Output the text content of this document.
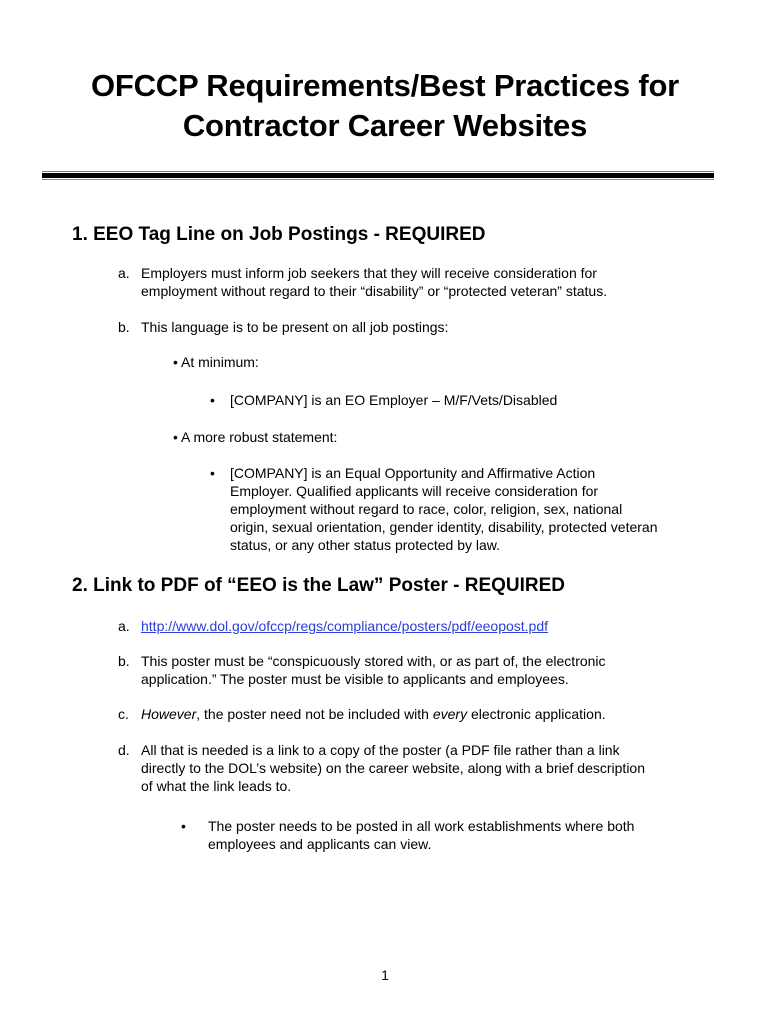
OFCCP Requirements/Best Practices for
Contractor Career Websites
1. EEO Tag Line on Job Postings - REQUIRED
a. Employers must inform job seekers that they will receive consideration for
employment without regard to their “disability” or “protected veteran” status.
b. This language is to be present on all job postings:
• At minimum:
• [COMPANY] is an EO Employer – M/F/Vets/Disabled
• A more robust statement:
• [COMPANY] is an Equal Opportunity and Affirmative Action
Employer. Qualified applicants will receive consideration for
employment without regard to race, color, religion, sex, national
origin, sexual orientation, gender identity, disability, protected veteran
status, or any other status protected by law.
2. Link to PDF of “EEO is the Law” Poster - REQUIRED
a. http://www.dol.gov/ofccp/regs/compliance/posters/pdf/eeopost.pdf
b. This poster must be “conspicuously stored with, or as part of, the electronic
application.” The poster must be visible to applicants and employees.
c. However, the poster need not be included with every electronic application.
d. All that is needed is a link to a copy of the poster (a PDF file rather than a link
directly to the DOL’s website) on the career website, along with a brief description
of what the link leads to.
• The poster needs to be posted in all work establishments where both
employees and applicants can view.
1
